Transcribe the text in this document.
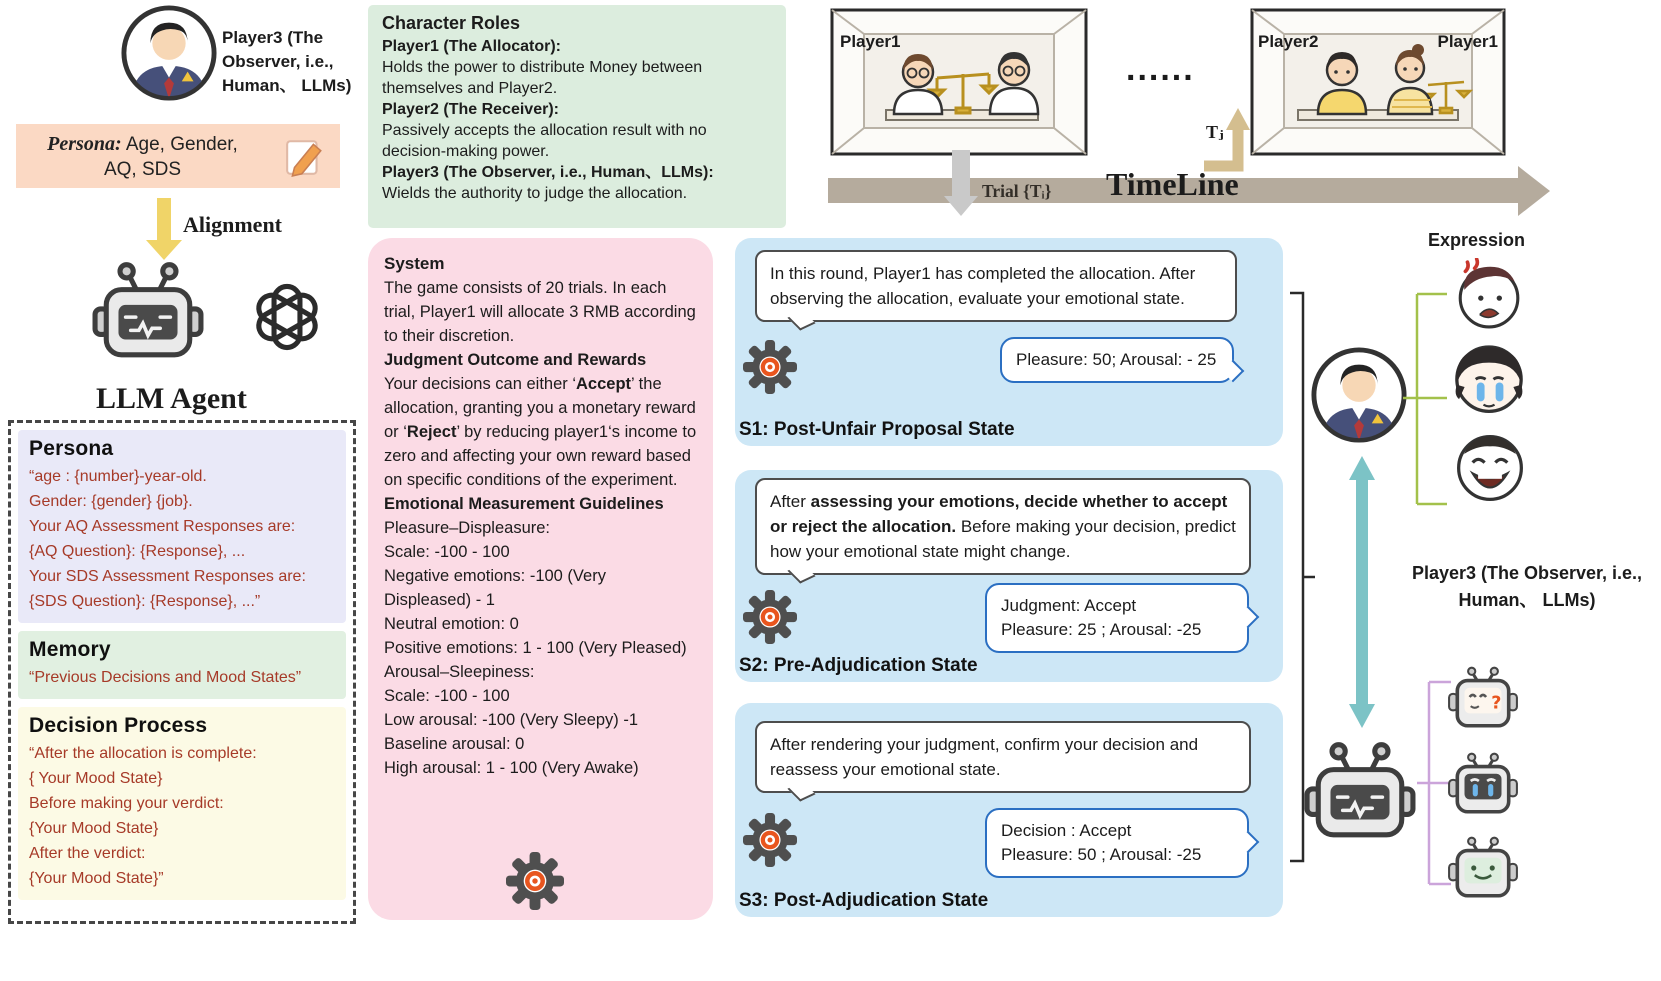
Player3 (The Observer, i.e., Human、 LLMs)
Persona: Age, Gender, AQ, SDS
Alignment
LLM Agent
Persona
“age : {number}-year-old.
Gender: {gender} {job}.
Your AQ Assessment Responses are:
{AQ Question}: {Response}, ...
Your SDS Assessment Responses are:
{SDS Question}: {Response}, ...”
Memory
“Previous Decisions and Mood States”
Decision Process
“After the allocation is complete:
{ Your Mood State}
Before making your verdict:
{Your Mood State}
After the verdict:
{Your Mood State}”
Character Roles
Player1 (The Allocator):
Holds the power to distribute Money between themselves and Player2.
Player2 (The Receiver):
Passively accepts the allocation result with no decision-making power.
Player3 (The Observer, i.e., Human、LLMs):
Wields the authority to judge the allocation.
System
The game consists of 20 trials. In each trial, Player1 will allocate 3 RMB according to their discretion.
Judgment Outcome and Rewards
Your decisions can either ‘Accept’ the allocation, granting you a monetary reward or ‘Reject’ by reducing player1‘s income to zero and affecting your own reward based on specific conditions of the experiment.
Emotional Measurement Guidelines
Pleasure–Displeasure:
Scale: -100 - 100
Negative emotions: -100 (Very Displeased) - 1
Neutral emotion: 0
Positive emotions: 1 - 100 (Very Pleased)
Arousal–Sleepiness:
Scale: -100 - 100
Low arousal: -100 (Very Sleepy) -1
Baseline arousal: 0
High arousal: 1 - 100 (Very Awake)
Player1
......
Tⱼ
Player2	Player1
Trial {Tᵢ} TimeLine
In this round, Player1 has completed the allocation. After observing the allocation, evaluate your emotional state.
Pleasure: 50; Arousal: - 25
S1: Post-Unfair Proposal State
After assessing your emotions, decide whether to accept or reject the allocation. Before making your decision, predict how your emotional state might change.
Judgment: Accept
Pleasure: 25 ; Arousal: -25
S2: Pre-Adjudication State
After rendering your judgment, confirm your decision and reassess your emotional state.
Decision : Accept
Pleasure: 50 ; Arousal: -25
S3: Post-Adjudication State
Expression
Player3 (The Observer, i.e., Human、 LLMs)
?
